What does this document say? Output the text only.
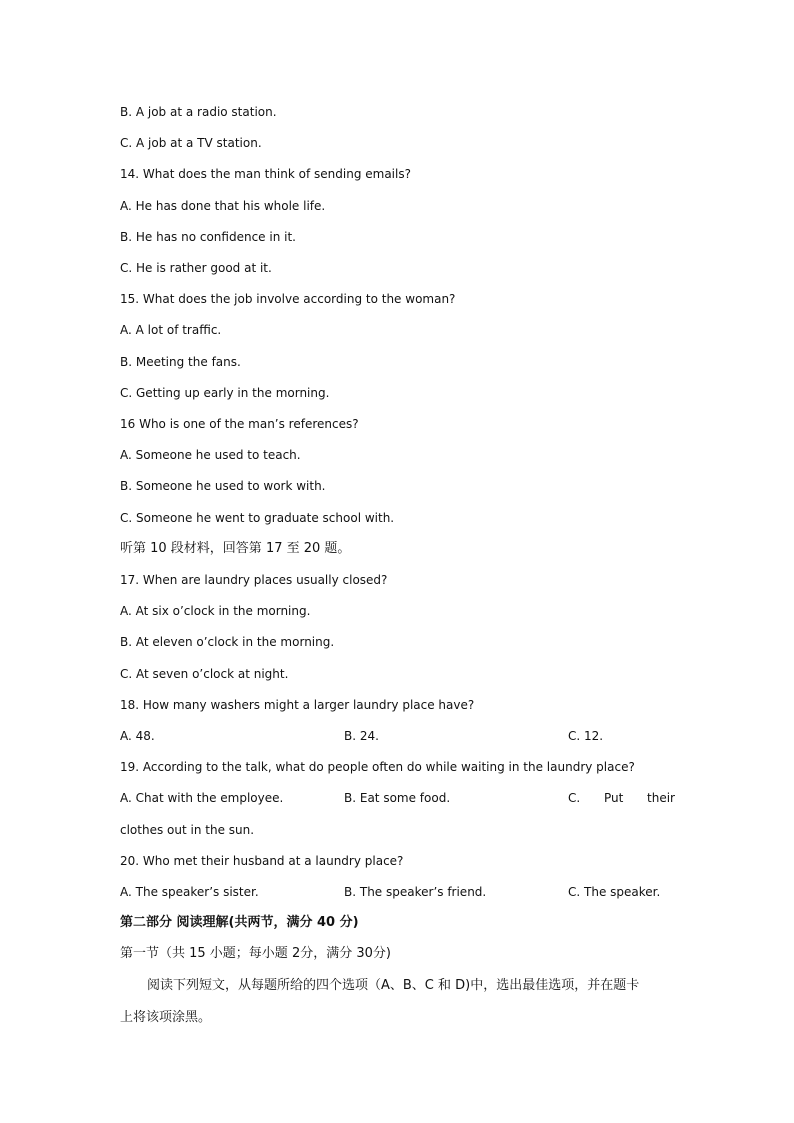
B. A job at a radio station.
C. A job at a TV station.
14. What does the man think of sending emails?
A. He has done that his whole life.
B. He has no confidence in it.
C. He is rather good at it.
15. What does the job involve according to the woman?
A. A lot of traffic.
B. Meeting the fans.
C. Getting up early in the morning.
16 Who is one of the man’s references?
A. Someone he used to teach.
B. Someone he used to work with.
C. Someone he went to graduate school with.
听第 10 段材料，回答第 17 至 20 题。
17. When are laundry places usually closed?
A. At six o’clock in the morning.
B. At eleven o’clock in the morning.
C. At seven o’clock at night.
18. How many washers might a larger laundry place have?
A. 48.	B. 24.	C. 12.
19. According to the talk, what do people often do while waiting in the laundry place?
A. Chat with the employee.	B. Eat some food.	C. Put their
clothes out in the sun.
20. Who met their husband at a laundry place?
A. The speaker’s sister.	B. The speaker’s friend.	C. The speaker.
第二部分 阅读理解(共两节，满分 40 分)
第一节（共 15 小题；每小题 2分，满分 30分)
阅读下列短文，从每题所给的四个选项（A、B、C 和 D)中，选出最佳选项，并在题卡
上将该项涂黑。
